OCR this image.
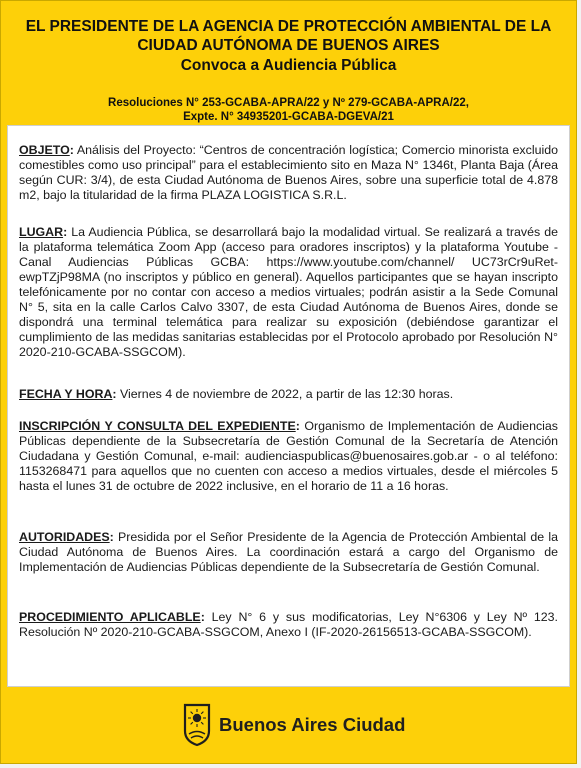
EL PRESIDENTE DE LA AGENCIA DE PROTECCIÓN AMBIENTAL DE LA

CIUDAD AUTÓNOMA DE BUENOS AIRES

Convoca a Audiencia Pública

Resoluciones N° 253-GCABA-APRA/22 y Nº 279-GCABA-APRA/22,
Expte. N° 34935201-GCABA-DGEVA/21

OBJETO: Análisis del Proyecto: “Centros de concentración logística; Comercio minorista excluido comestibles como uso principal” para el establecimiento sito en Maza N° 1346t, Planta Baja (Área según CUR: 3/4), de esta Ciudad Autónoma de Buenos Aires, sobre una superficie total de 4.878 m2, bajo la titularidad de la firma PLAZA LOGISTICA S.R.L.

LUGAR: La Audiencia Pública, se desarrollará bajo la modalidad virtual. Se realizará a través de la plataforma telemática Zoom App (acceso para oradores inscriptos) y la plataforma Youtube - Canal Audiencias Públicas GCBA: https://www.youtube.com/channel/ UC73rCr9uRet-ewpTZjP98MA (no inscriptos y público en general). Aquellos participantes que se hayan inscripto telefónicamente por no contar con acceso a medios virtuales; podrán asistir a la Sede Comunal N° 5, sita en la calle Carlos Calvo 3307, de esta Ciudad Autónoma de Buenos Aires, donde se dispondrá una terminal telemática para realizar su exposición (debiéndose garantizar el cumplimiento de las medidas sanitarias establecidas por el Protocolo aprobado por Resolución N° 2020-210-GCABA-SSGCOM).

FECHA Y HORA: Viernes 4 de noviembre de 2022, a partir de las 12:30 horas.

INSCRIPCIÓN Y CONSULTA DEL EXPEDIENTE: Organismo de Implementación de Audiencias Públicas dependiente de la Subsecretaría de Gestión Comunal de la Secretaría de Atención Ciudadana y Gestión Comunal, e-mail: audienciaspublicas@buenosaires.gob.ar - o al teléfono: 1153268471 para aquellos que no cuenten con acceso a medios virtuales, desde el miércoles 5 hasta el lunes 31 de octubre de 2022 inclusive, en el horario de 11 a 16 horas.

AUTORIDADES: Presidida por el Señor Presidente de la Agencia de Protección Ambiental de la Ciudad Autónoma de Buenos Aires. La coordinación estará a cargo del Organismo de Implementación de Audiencias Públicas dependiente de la Subsecretaría de Gestión Comunal.

PROCEDIMIENTO APLICABLE: Ley N° 6 y sus modificatorias, Ley N°6306 y Ley Nº 123. Resolución Nº 2020-210-GCABA-SSGCOM, Anexo I (IF-2020-26156513-GCABA-SSGCOM).

Buenos Aires Ciudad
